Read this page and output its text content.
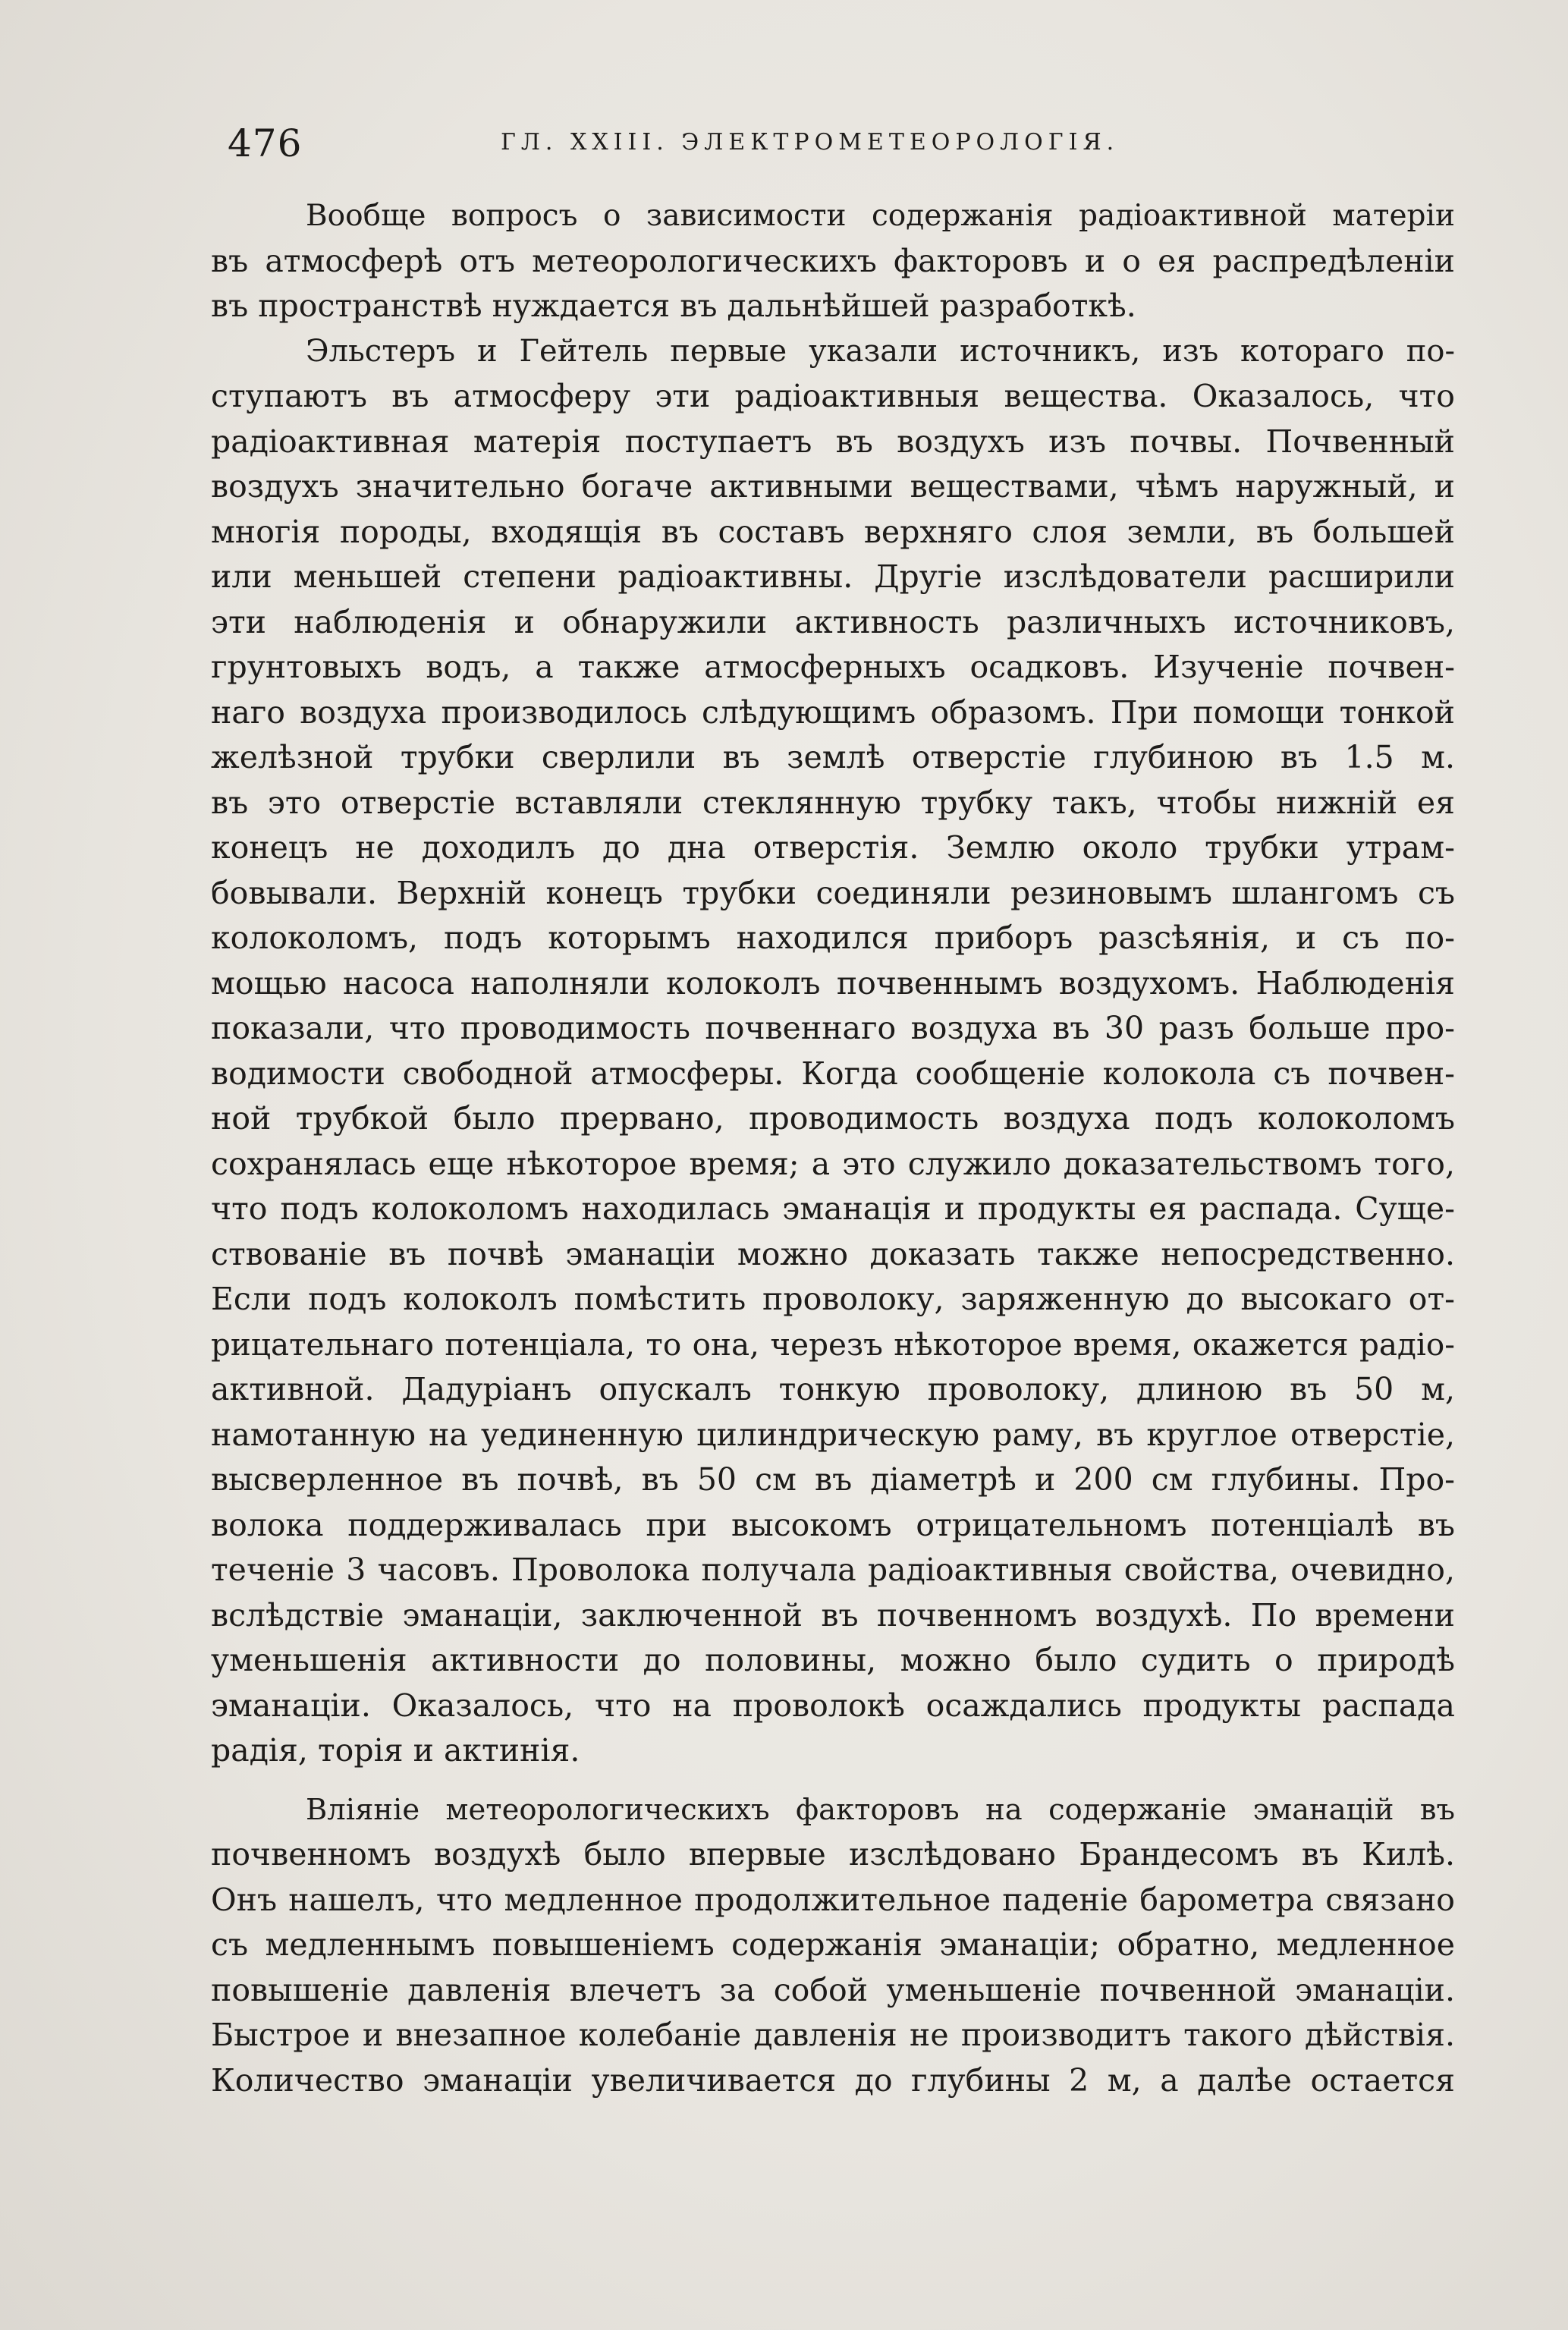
476	ГЛ. XXIII. ЭЛЕКТРОМЕТЕОРОЛОГІЯ.
Вообще вопросъ о зависимости содержанія радіоактивной матеріи
въ атмосферѣ отъ метеорологическихъ факторовъ и о ея распредѣленіи
въ пространствѣ нуждается въ дальнѣйшей разработкѣ.
Эльстеръ и Гейтель первые указали источникъ, изъ котораго по-
ступаютъ въ атмосферу эти радіоактивныя вещества. Оказалось, что
радіоактивная матерія поступаетъ въ воздухъ изъ почвы. Почвенный
воздухъ значительно богаче активными веществами, чѣмъ наружный, и
многія породы, входящія въ составъ верхняго слоя земли, въ большей
или меньшей степени радіоактивны. Другіе изслѣдователи расширили
эти наблюденія и обнаружили активность различныхъ источниковъ,
грунтовыхъ водъ, а также атмосферныхъ осадковъ. Изученіе почвен-
наго воздуха производилось слѣдующимъ образомъ. При помощи тонкой
желѣзной трубки сверлили въ землѣ отверстіе глубиною въ 1.5 м.
въ это отверстіе вставляли стеклянную трубку такъ, чтобы нижній ея
конецъ не доходилъ до дна отверстія. Землю около трубки утрам-
бовывали. Верхній конецъ трубки соединяли резиновымъ шлангомъ съ
колоколомъ, подъ которымъ находился приборъ разсѣянія, и съ по-
мощью насоса наполняли колоколъ почвеннымъ воздухомъ. Наблюденія
показали, что проводимость почвеннаго воздуха въ 30 разъ больше про-
водимости свободной атмосферы. Когда сообщеніе колокола съ почвен-
ной трубкой было прервано, проводимость воздуха подъ колоколомъ
сохранялась еще нѣкоторое время; а это служило доказательствомъ того,
что подъ колоколомъ находилась эманація и продукты ея распада. Суще-
ствованіе въ почвѣ эманаціи можно доказать также непосредственно.
Если подъ колоколъ помѣстить проволоку, заряженную до высокаго от-
рицательнаго потенціала, то она, черезъ нѣкоторое время, окажется радіо-
активной. Дадуріанъ опускалъ тонкую проволоку, длиною въ 50 м,
намотанную на уединенную цилиндрическую раму, въ круглое отверстіе,
высверленное въ почвѣ, въ 50 см въ діаметрѣ и 200 см глубины. Про-
волока поддерживалась при высокомъ отрицательномъ потенціалѣ въ
теченіе 3 часовъ. Проволока получала радіоактивныя свойства, очевидно,
вслѣдствіе эманаціи, заключенной въ почвенномъ воздухѣ. По времени
уменьшенія активности до половины, можно было судить о природѣ
эманаціи. Оказалось, что на проволокѣ осаждались продукты распада
радія, торія и актинія.
Вліяніе метеорологическихъ факторовъ на содержаніе эманацій въ
почвенномъ воздухѣ было впервые изслѣдовано Брандесомъ въ Килѣ.
Онъ нашелъ, что медленное продолжительное паденіе барометра связано
съ медленнымъ повышеніемъ содержанія эманаціи; обратно, медленное
повышеніе давленія влечетъ за собой уменьшеніе почвенной эманаціи.
Быстрое и внезапное колебаніе давленія не производитъ такого дѣйствія.
Количество эманаціи увеличивается до глубины 2 м, а далѣе остается
